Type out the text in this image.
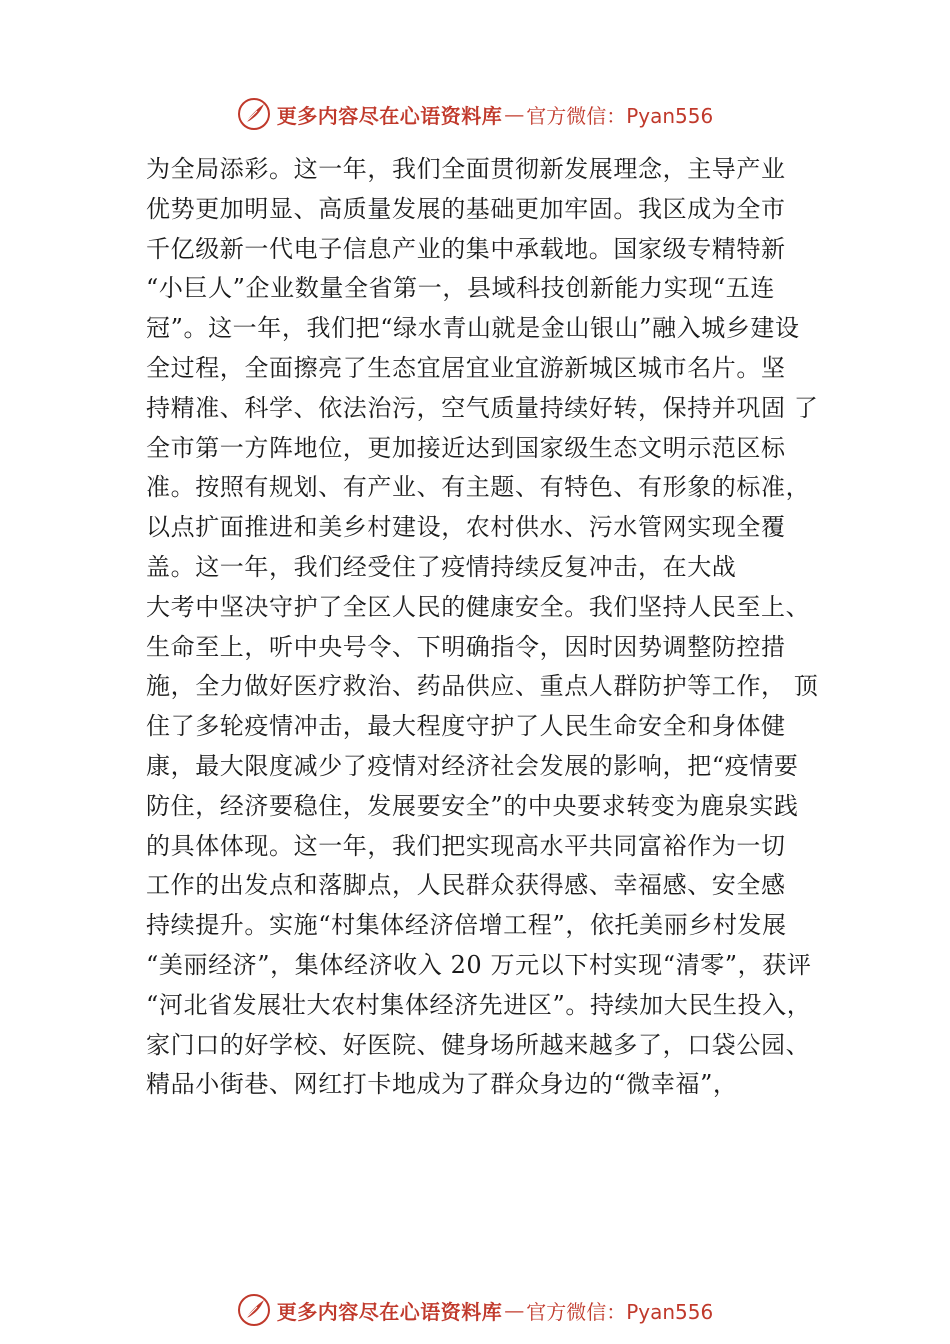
更多内容尽在心语资料库 — 官方微信：Pyan556
为全局添彩。这一年，我们全面贯彻新发展理念，主导产业
优势更加明显、高质量发展的基础更加牢固。我区成为全市
千亿级新一代电子信息产业的集中承载地。国家级专精特新
“小巨人”企业数量全省第一，县域科技创新能力实现“五连
冠”。这一年，我们把“绿水青山就是金山银山”融入城乡建设
全过程，全面擦亮了生态宜居宜业宜游新城区城市名片。坚
持精准、科学、依法治污，空气质量持续好转，保持并巩固 了
全市第一方阵地位，更加接近达到国家级生态文明示范区标
准。按照有规划、有产业、有主题、有特色、有形象的标准，
以点扩面推进和美乡村建设，农村供水、污水管网实现全覆
盖。这一年，我们经受住了疫情持续反复冲击，在大战
大考中坚决守护了全区人民的健康安全。我们坚持人民至上、
生命至上，听中央号令、下明确指令，因时因势调整防控措
施，全力做好医疗救治、药品供应、重点人群防护等工作， 顶
住了多轮疫情冲击，最大程度守护了人民生命安全和身体健
康，最大限度减少了疫情对经济社会发展的影响，把“疫情要
防住，经济要稳住，发展要安全”的中央要求转变为鹿泉实践
的具体体现。这一年，我们把实现高水平共同富裕作为一切
工作的出发点和落脚点，人民群众获得感、幸福感、安全感
持续提升。实施“村集体经济倍增工程”，依托美丽乡村发展
“美丽经济”，集体经济收入 20 万元以下村实现“清零”，获评
“河北省发展壮大农村集体经济先进区”。持续加大民生投入，
家门口的好学校、好医院、健身场所越来越多了，口袋公园、
精品小街巷、网红打卡地成为了群众身边的“微幸福”，
更多内容尽在心语资料库 — 官方微信：Pyan556
